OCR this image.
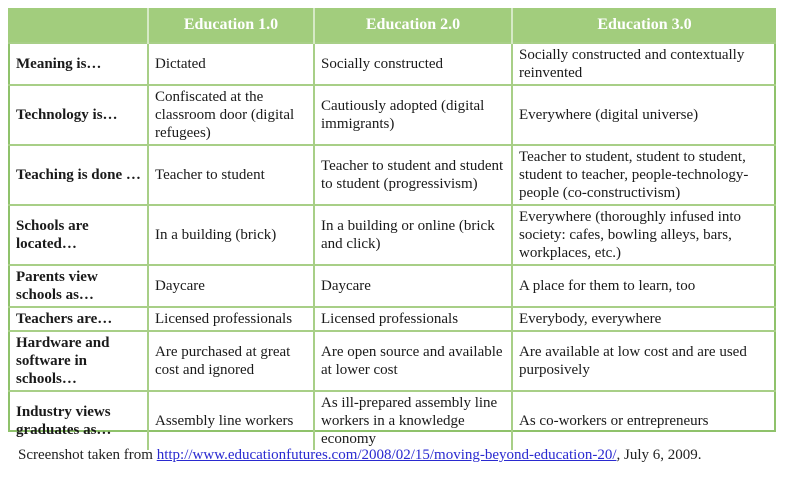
	Education 1.0	Education 2.0	Education 3.0
Meaning is…	Dictated	Socially constructed	Socially constructed and contextually reinvented
Technology is…	Confiscated at the classroom door (digital refugees)	Cautiously adopted (digital immigrants)	Everywhere (digital universe)
Teaching is done …	Teacher to student	Teacher to student and student to student (progressivism)	Teacher to student, student to student, student to teacher, people-technology-people (co-constructivism)
Schools are located…	In a building (brick)	In a building or online (brick and click)	Everywhere (thoroughly infused into society: cafes, bowling alleys, bars, workplaces, etc.)
Parents view schools as…	Daycare	Daycare	A place for them to learn, too
Teachers are…	Licensed professionals	Licensed professionals	Everybody, everywhere
Hardware and software in schools…	Are purchased at great cost and ignored	Are open source and available at lower cost	Are available at low cost and are used purposively
Industry views graduates as…	Assembly line workers	As ill-prepared assembly line workers in a knowledge economy	As co-workers or entrepreneurs
Screenshot taken from http://www.educationfutures.com/2008/02/15/moving-beyond-education-20/, July 6, 2009.
